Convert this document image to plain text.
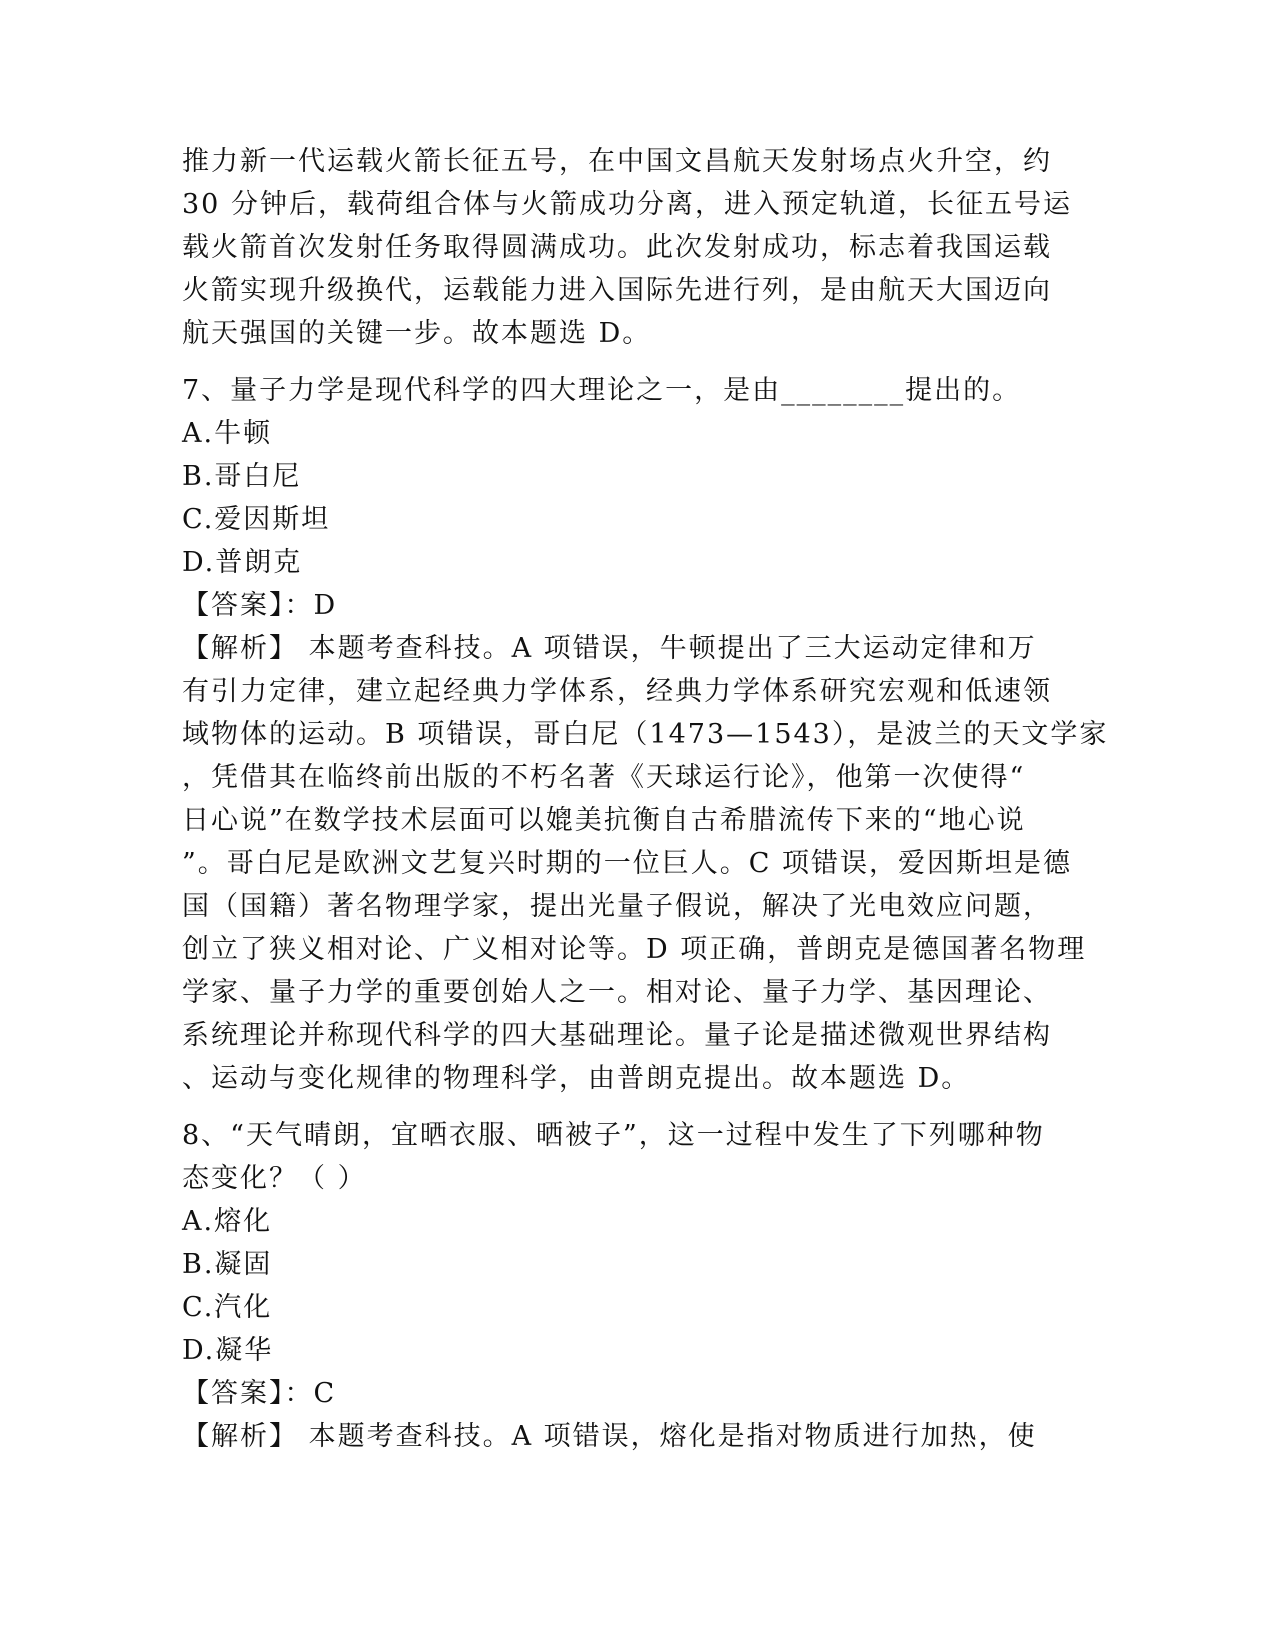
推力新一代运载火箭长征五号，在中国文昌航天发射场点火升空，约
30 分钟后，载荷组合体与火箭成功分离，进入预定轨道，长征五号运
载火箭首次发射任务取得圆满成功。此次发射成功，标志着我国运载
火箭实现升级换代，运载能力进入国际先进行列，是由航天大国迈向
航天强国的关键一步。故本题选 D。
7、量子力学是现代科学的四大理论之一，是由________提出的。
A.牛顿
B.哥白尼
C.爱因斯坦
D.普朗克
【答案】：D
【解析】 本题考查科技。A 项错误，牛顿提出了三大运动定律和万
有引力定律，建立起经典力学体系，经典力学体系研究宏观和低速领
域物体的运动。B 项错误，哥白尼（1473—1543），是波兰的天文学家
，凭借其在临终前出版的不朽名著《天球运行论》，他第一次使得“
日心说”在数学技术层面可以媲美抗衡自古希腊流传下来的“地心说
”。哥白尼是欧洲文艺复兴时期的一位巨人。C 项错误，爱因斯坦是德
国（国籍）著名物理学家，提出光量子假说，解决了光电效应问题，
创立了狭义相对论、广义相对论等。D 项正确，普朗克是德国著名物理
学家、量子力学的重要创始人之一。相对论、量子力学、基因理论、
系统理论并称现代科学的四大基础理论。量子论是描述微观世界结构
、运动与变化规律的物理科学，由普朗克提出。故本题选 D。
8、“天气晴朗，宜晒衣服、晒被子”，这一过程中发生了下列哪种物
态变化？（ ）
A.熔化
B.凝固
C.汽化
D.凝华
【答案】：C
【解析】 本题考查科技。A 项错误，熔化是指对物质进行加热，使
